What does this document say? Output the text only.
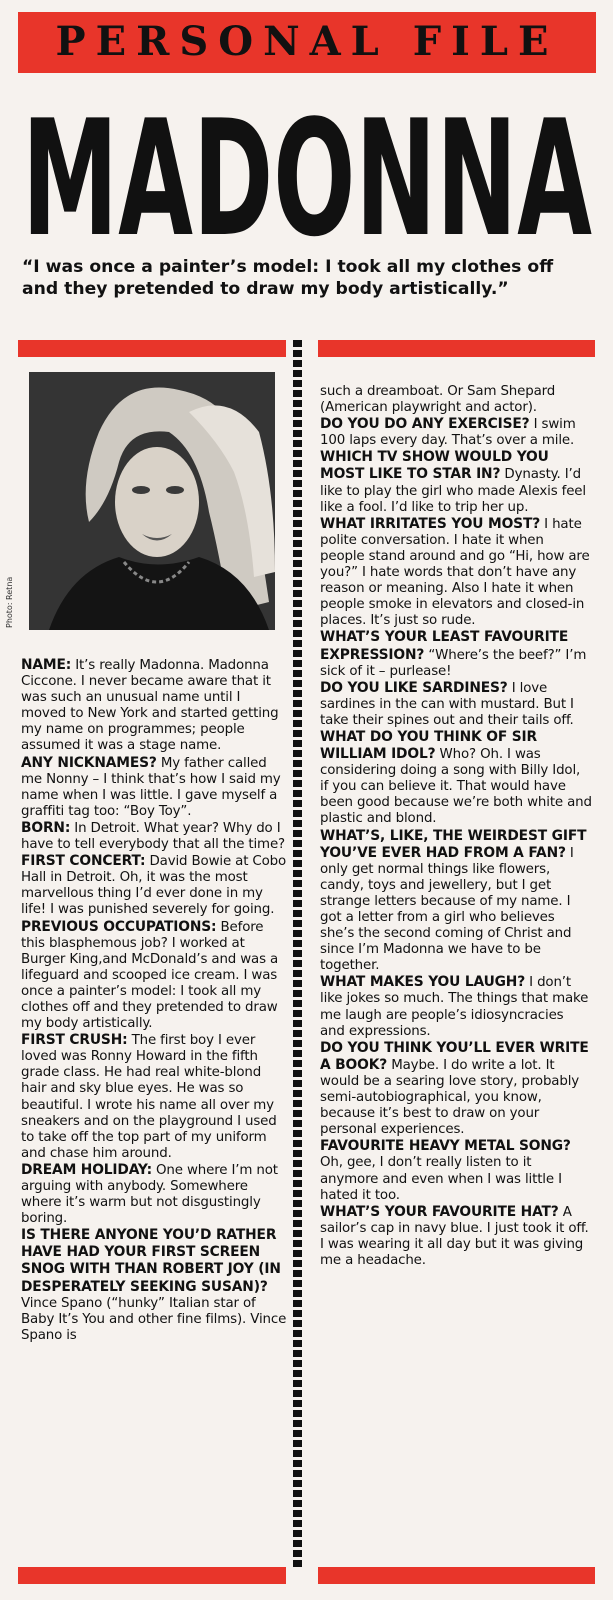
PERSONAL FILE
MADONNA
“I was once a painter’s model: I took all my clothes off and they pretended to draw my body artistically.”
Photo: Retna

NAME: It’s really Madonna. Madonna Ciccone. I never became aware that it was such an unusual name until I moved to New York and started getting my name on programmes; people assumed it was a stage name.

ANY NICKNAMES? My father called me Nonny – I think that’s how I said my name when I was little. I gave myself a graffiti tag too: “Boy Toy”.

BORN: In Detroit. What year? Why do I have to tell everybody that all the time?

FIRST CONCERT: David Bowie at Cobo Hall in Detroit. Oh, it was the most marvellous thing I’d ever done in my life! I was punished severely for going.

PREVIOUS OCCUPATIONS: Before this blasphemous job? I worked at Burger King,and McDonald’s and was a lifeguard and scooped ice cream. I was once a painter’s model: I took all my clothes off and they pretended to draw my body artistically.

FIRST CRUSH: The first boy I ever loved was Ronny Howard in the fifth grade class. He had real white-blond hair and sky blue eyes. He was so beautiful. I wrote his name all over my sneakers and on the playground I used to take off the top part of my uniform and chase him around.

DREAM HOLIDAY: One where I’m not arguing with anybody. Somewhere where it’s warm but not disgustingly boring.

IS THERE ANYONE YOU’D RATHER HAVE HAD YOUR FIRST SCREEN SNOG WITH THAN ROBERT JOY (IN DESPERATELY SEEKING SUSAN)? Vince Spano (“hunky” Italian star of Baby It’s You and other fine films). Vince Spano is

such a dreamboat. Or Sam Shepard (American playwright and actor).

DO YOU DO ANY EXERCISE? I swim 100 laps every day. That’s over a mile.

WHICH TV SHOW WOULD YOU MOST LIKE TO STAR IN? Dynasty. I’d like to play the girl who made Alexis feel like a fool. I’d like to trip her up.

WHAT IRRITATES YOU MOST? I hate polite conversation. I hate it when people stand around and go “Hi, how are you?” I hate words that don’t have any reason or meaning. Also I hate it when people smoke in elevators and closed-in places. It’s just so rude.

WHAT’S YOUR LEAST FAVOURITE EXPRESSION? “Where’s the beef?” I’m sick of it – purlease!

DO YOU LIKE SARDINES? I love sardines in the can with mustard. But I take their spines out and their tails off.

WHAT DO YOU THINK OF SIR WILLIAM IDOL? Who? Oh. I was considering doing a song with Billy Idol, if you can believe it. That would have been good because we’re both white and plastic and blond.

WHAT’S, LIKE, THE WEIRDEST GIFT YOU’VE EVER HAD FROM A FAN? I only get normal things like flowers, candy, toys and jewellery, but I get strange letters because of my name. I got a letter from a girl who believes she’s the second coming of Christ and since I’m Madonna we have to be together.

WHAT MAKES YOU LAUGH? I don’t like jokes so much. The things that make me laugh are people’s idiosyncracies and expressions.

DO YOU THINK YOU’LL EVER WRITE A BOOK? Maybe. I do write a lot. It would be a searing love story, probably semi-autobiographical, you know, because it’s best to draw on your personal experiences.

FAVOURITE HEAVY METAL SONG? Oh, gee, I don’t really listen to it anymore and even when I was little I hated it too.

WHAT’S YOUR FAVOURITE HAT? A sailor’s cap in navy blue. I just took it off. I was wearing it all day but it was giving me a headache.
